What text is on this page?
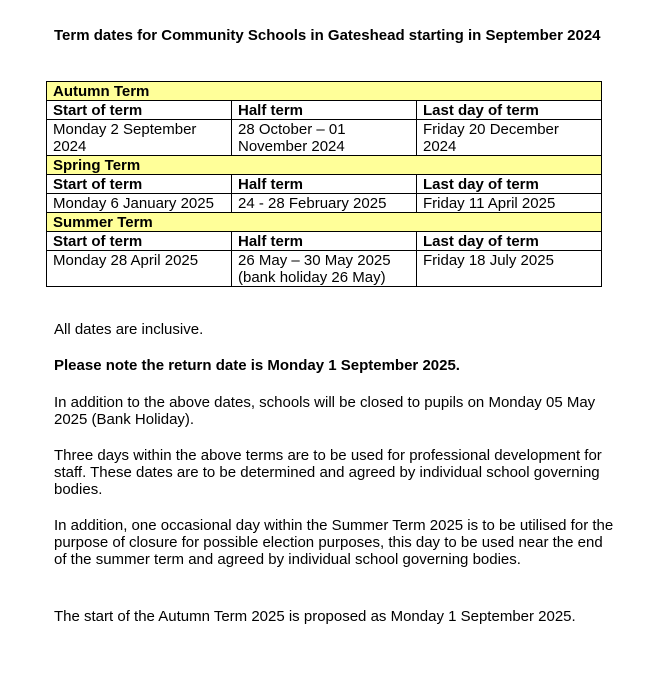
Term dates for Community Schools in Gateshead starting in September 2024
Autumn Term		
Start of term	Half term	Last day of term
Monday 2 September 2024	28 October – 01 November 2024	Friday 20 December 2024
Spring Term		
Start of term	Half term	Last day of term
Monday 6 January 2025	24 - 28 February 2025	Friday 11 April 2025
Summer Term		
Start of term	Half term	Last day of term
Monday 28 April 2025	26 May – 30 May 2025 (bank holiday 26 May)	Friday 18 July 2025
All dates are inclusive.
Please note the return date is Monday 1 September 2025.
In addition to the above dates, schools will be closed to pupils on Monday 05 May 2025 (Bank Holiday).
Three days within the above terms are to be used for professional development for staff. These dates are to be determined and agreed by individual school governing bodies.
In addition, one occasional day within the Summer Term 2025 is to be utilised for the purpose of closure for possible election purposes, this day to be used near the end of the summer term and agreed by individual school governing bodies.
The start of the Autumn Term 2025 is proposed as Monday 1 September 2025.
